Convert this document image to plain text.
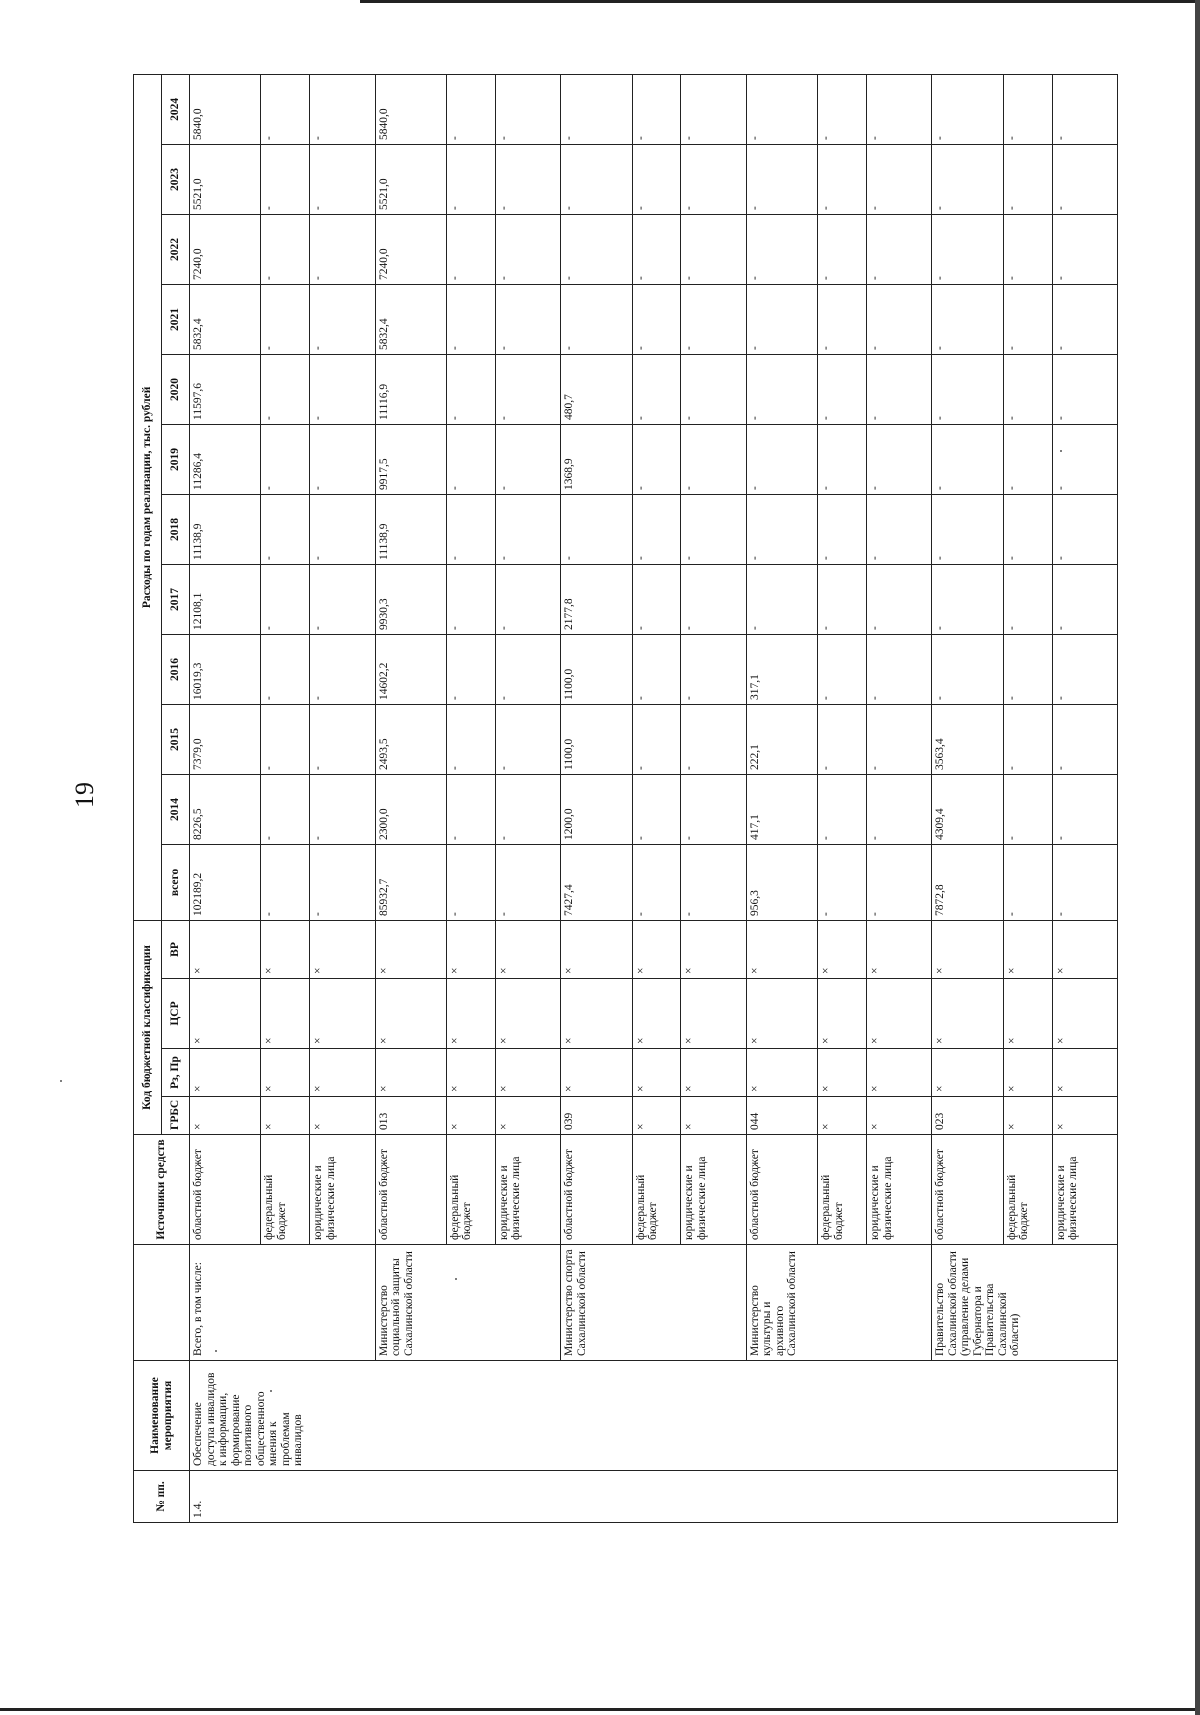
19
№ пп.	Наименование мероприятия		Источники средств	Код бюджетной классификации				Расходы по годам реализации, тыс. рублей											
				ГРБС	Рз, Пр	ЦСР	ВР	всего	2014	2015	2016	2017	2018	2019	2020	2021	2022	2023	2024
1.4.	Обеспечение доступа инвалидов к информации, формирование позитивного общественного мнения к проблемам инвалидов	Всего, в том числе:	областной бюджет	×	×	×	×	102189,2	8226,5	7379,0	16019,3	12108,1	11138,9	11286,4	11597,6	5832,4	7240,0	5521,0	5840,0
			федеральный бюджет	×	×	×	×	-	-	-	-	-	-	-	-	-	-	-	-
			юридические и физические лица	×	×	×	×	-	-	-	-	-	-	-	-	-	-	-	-
		Министерство социальной защиты Сахалинской области	областной бюджет	013	×	×	×	85932,7	2300,0	2493,5	14602,2	9930,3	11138,9	9917,5	11116,9	5832,4	7240,0	5521,0	5840,0
			федеральный бюджет	×	×	×	×	-	-	-	-	-	-	-	-	-	-	-	-
			юридические и физические лица	×	×	×	×	-	-	-	-	-	-	-	-	-	-	-	-
		Министерство спорта Сахалинской области	областной бюджет	039	×	×	×	7427,4	1200,0	1100,0	1100,0	2177,8	-	1368,9	480,7	-	-	-	-
			федеральный бюджет	×	×	×	×	-	-	-	-	-	-	-	-	-	-	-	-
			юридические и физические лица	×	×	×	×	-	-	-	-	-	-	-	-	-	-	-	-
		Министерство культуры и архивного Сахалинской области	областной бюджет	044	×	×	×	956,3	417,1	222,1	317,1	-	-	-	-	-	-	-	-
			федеральный бюджет	×	×	×	×	-	-	-	-	-	-	-	-	-	-	-	-
			юридические и физические лица	×	×	×	×	-	-	-	-	-	-	-	-	-	-	-	-
		Правительство Сахалинской области (управление делами Губернатора и Правительства Сахалинской области)	областной бюджет	023	×	×	×	7872,8	4309,4	3563,4	-	-	-	-	-	-	-	-	-
			федеральный бюджет	×	×	×	×	-	-	-	-	-	-	-	-	-	-	-	-
			юридические и физические лица	×	×	×	×	-	-	-	-	-	-	-	-	-	-	-	-
